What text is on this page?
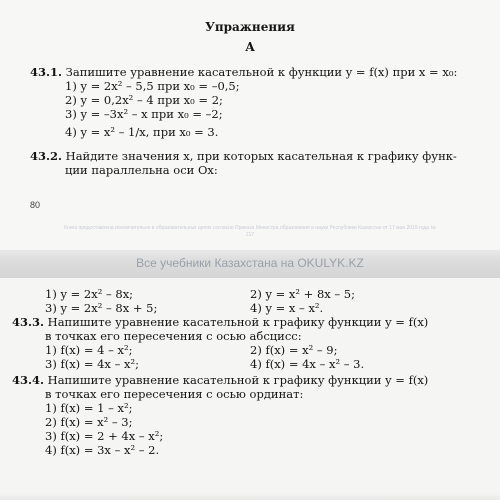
Упражнения
A
43.1. Запишите уравнение касательной к функции y = f(x) при x = x₀:
1) y = 2x² – 5,5 при x₀ = –0,5;
2) y = 0,2x² – 4 при x₀ = 2;
3) y = –3x² – x при x₀ = –2;
4) y = x² – 1/x, при x₀ = 3.
43.2. Найдите значения x, при которых касательная к графику функ-
ции параллельна оси Ox:
80
Книга предоставлена исключительно в образовательных целях согласно Приказа Министра образования и науки Республики Казахстан от 17 мая 2019 года № 217
Все учебники Казахстана на OKULYK.KZ
1) y = 2x² – 8x;	2) y = x² + 8x – 5;
3) y = 2x² – 8x + 5;	4) y = x – x².
43.3. Напишите уравнение касательной к графику функции y = f(x)
в точках его пересечения с осью абсцисс:
1) f(x) = 4 – x²;	2) f(x) = x² – 9;
3) f(x) = 4x – x²;	4) f(x) = 4x – x² – 3.
43.4. Напишите уравнение касательной к графику функции y = f(x)
в точках его пересечения с осью ординат:
1) f(x) = 1 – x²;
2) f(x) = x² – 3;
3) f(x) = 2 + 4x – x²;
4) f(x) = 3x – x² – 2.
